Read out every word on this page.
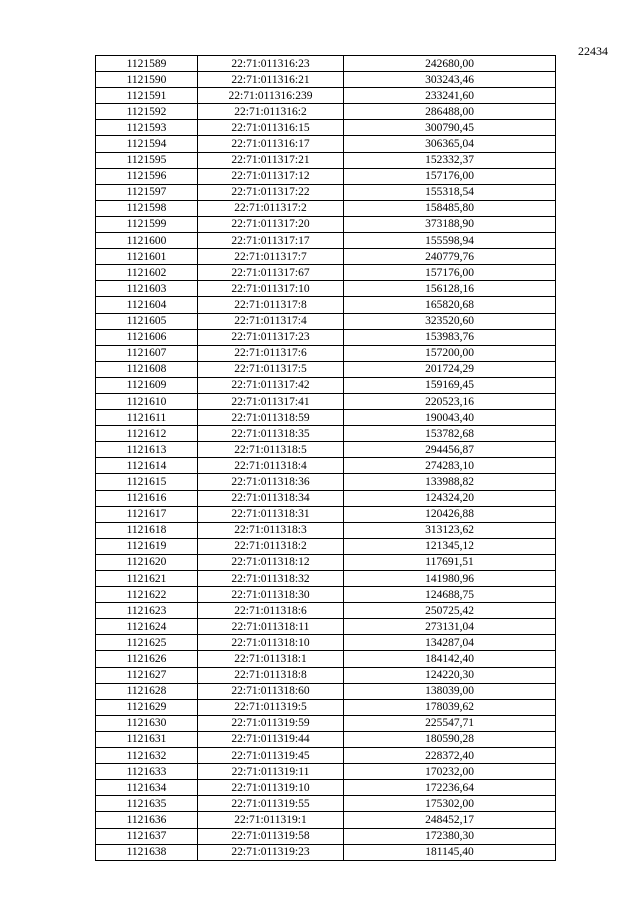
22434
1121589	22:71:011316:23	242680,00
1121590	22:71:011316:21	303243,46
1121591	22:71:011316:239	233241,60
1121592	22:71:011316:2	286488,00
1121593	22:71:011316:15	300790,45
1121594	22:71:011316:17	306365,04
1121595	22:71:011317:21	152332,37
1121596	22:71:011317:12	157176,00
1121597	22:71:011317:22	155318,54
1121598	22:71:011317:2	158485,80
1121599	22:71:011317:20	373188,90
1121600	22:71:011317:17	155598,94
1121601	22:71:011317:7	240779,76
1121602	22:71:011317:67	157176,00
1121603	22:71:011317:10	156128,16
1121604	22:71:011317:8	165820,68
1121605	22:71:011317:4	323520,60
1121606	22:71:011317:23	153983,76
1121607	22:71:011317:6	157200,00
1121608	22:71:011317:5	201724,29
1121609	22:71:011317:42	159169,45
1121610	22:71:011317:41	220523,16
1121611	22:71:011318:59	190043,40
1121612	22:71:011318:35	153782,68
1121613	22:71:011318:5	294456,87
1121614	22:71:011318:4	274283,10
1121615	22:71:011318:36	133988,82
1121616	22:71:011318:34	124324,20
1121617	22:71:011318:31	120426,88
1121618	22:71:011318:3	313123,62
1121619	22:71:011318:2	121345,12
1121620	22:71:011318:12	117691,51
1121621	22:71:011318:32	141980,96
1121622	22:71:011318:30	124688,75
1121623	22:71:011318:6	250725,42
1121624	22:71:011318:11	273131,04
1121625	22:71:011318:10	134287,04
1121626	22:71:011318:1	184142,40
1121627	22:71:011318:8	124220,30
1121628	22:71:011318:60	138039,00
1121629	22:71:011319:5	178039,62
1121630	22:71:011319:59	225547,71
1121631	22:71:011319:44	180590,28
1121632	22:71:011319:45	228372,40
1121633	22:71:011319:11	170232,00
1121634	22:71:011319:10	172236,64
1121635	22:71:011319:55	175302,00
1121636	22:71:011319:1	248452,17
1121637	22:71:011319:58	172380,30
1121638	22:71:011319:23	181145,40
